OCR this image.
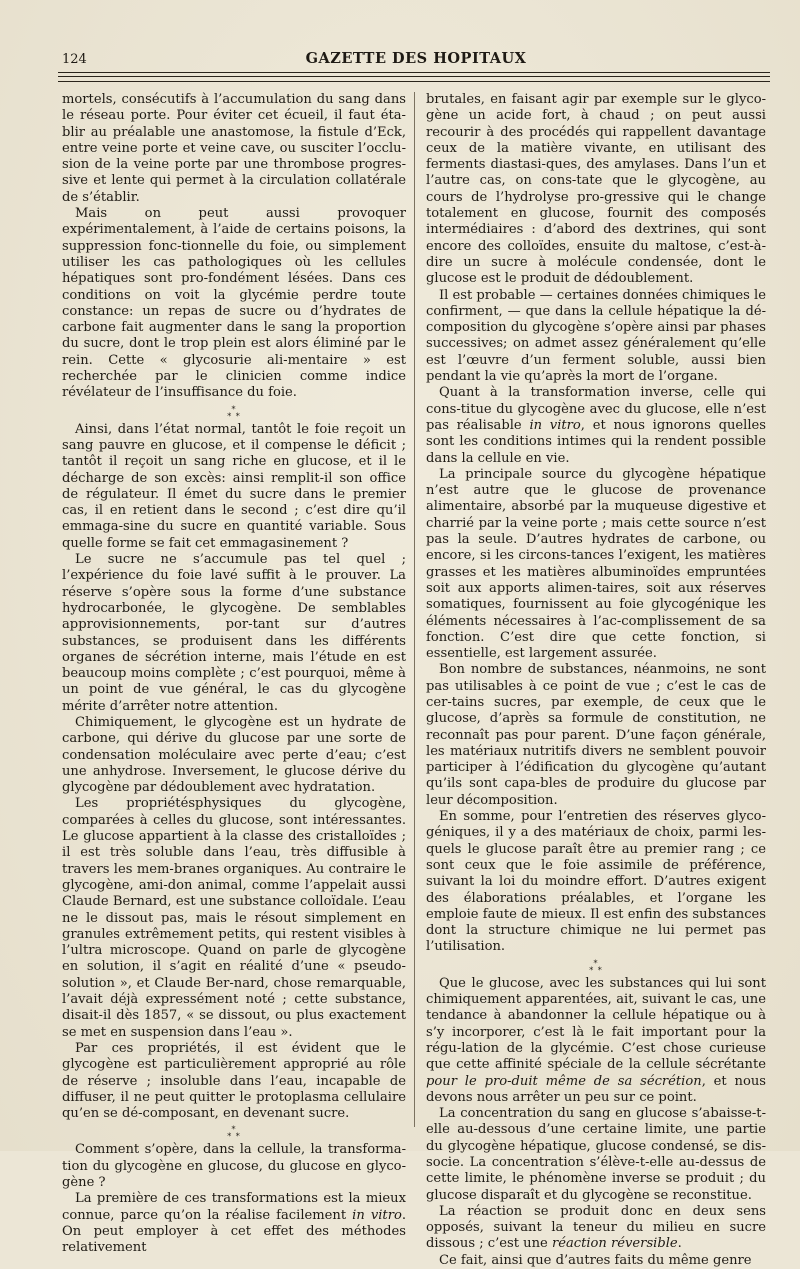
124	GAZETTE DES HOPITAUX

mortels, consécutifs à l’accumulation du sang dans le réseau porte. Pour éviter cet écueil, il faut éta-blir au préalable une anastomose, la fistule d’Eck, entre veine porte et veine cave, ou susciter l’occlu-sion de la veine porte par une thrombose progres-sive et lente qui permet à la circulation collatérale de s’établir.

Mais on peut aussi provoquer expérimentalement, à l’aide de certains poisons, la suppression fonc-tionnelle du foie, ou simplement utiliser les cas pathologiques où les cellules hépatiques sont pro-fondément lésées. Dans ces conditions on voit la glycémie perdre toute constance: un repas de sucre ou d’hydrates de carbone fait augmenter dans le sang la proportion du sucre, dont le trop plein est alors éliminé par le rein. Cette « glycosurie ali-mentaire » est recherchée par le clinicien comme indice révélateur de l’insuffisance du foie.

*
* *

Ainsi, dans l’état normal, tantôt le foie reçoit un sang pauvre en glucose, et il compense le déficit ; tantôt il reçoit un sang riche en glucose, et il le décharge de son excès: ainsi remplit-il son office de régulateur. Il émet du sucre dans le premier cas, il en retient dans le second ; c’est dire qu’il emmaga-sine du sucre en quantité variable. Sous quelle forme se fait cet emmagasinement ?

Le sucre ne s’accumule pas tel quel ; l’expérience du foie lavé suffit à le prouver. La réserve s’opère sous la forme d’une substance hydrocarbonée, le glycogène. De semblables approvisionnements, por-tant sur d’autres substances, se produisent dans les différents organes de sécrétion interne, mais l’étude en est beaucoup moins complète ; c’est pourquoi, même à un point de vue général, le cas du glycogène mérite d’arrêter notre attention.

Chimiquement, le glycogène est un hydrate de carbone, qui dérive du glucose par une sorte de condensation moléculaire avec perte d’eau; c’est une anhydrose. Inversement, le glucose dérive du glycogène par dédoublement avec hydratation.

Les propriétésphysiques du glycogène, comparées à celles du glucose, sont intéressantes. Le glucose appartient à la classe des cristalloïdes ; il est très soluble dans l’eau, très diffusible à travers les mem-branes organiques. Au contraire le glycogène, ami-don animal, comme l’appelait aussi Claude Bernard, est une substance colloïdale. L’eau ne le dissout pas, mais le résout simplement en granules extrêmement petits, qui restent visibles à l’ultra microscope. Quand on parle de glycogène en solution, il s’agit en réalité d’une « pseudo-solution », et Claude Ber-nard, chose remarquable, l’avait déjà expressément noté ; cette substance, disait-il dès 1857, « se dissout, ou plus exactement se met en suspension dans l’eau ».

Par ces propriétés, il est évident que le glycogène est particulièrement approprié au rôle de réserve ; insoluble dans l’eau, incapable de diffuser, il ne peut quitter le protoplasma cellulaire qu’en se dé-composant, en devenant sucre.

*
* *

Comment s’opère, dans la cellule, la transforma-tion du glycogène en glucose, du glucose en glyco-gène ?

La première de ces transformations est la mieux connue, parce qu’on la réalise facilement in vitro. On peut employer à cet effet des méthodes relativement

brutales, en faisant agir par exemple sur le glyco-gène un acide fort, à chaud ; on peut aussi recourir à des procédés qui rappellent davantage ceux de la matière vivante, en utilisant des ferments diastasi-ques, des amylases. Dans l’un et l’autre cas, on cons-tate que le glycogène, au cours de l’hydrolyse pro-gressive qui le change totalement en glucose, fournit des composés intermédiaires : d’abord des dextrines, qui sont encore des colloïdes, ensuite du maltose, c’est-à-dire un sucre à molécule condensée, dont le glucose est le produit de dédoublement.

Il est probable — certaines données chimiques le confirment, — que dans la cellule hépatique la dé-composition du glycogène s’opère ainsi par phases successives; on admet assez généralement qu’elle est l’œuvre d’un ferment soluble, aussi bien pendant la vie qu’après la mort de l’organe.

Quant à la transformation inverse, celle qui cons-titue du glycogène avec du glucose, elle n’est pas réalisable in vitro, et nous ignorons quelles sont les conditions intimes qui la rendent possible dans la cellule en vie.

La principale source du glycogène hépatique n’est autre que le glucose de provenance alimentaire, absorbé par la muqueuse digestive et charrié par la veine porte ; mais cette source n’est pas la seule. D’autres hydrates de carbone, ou encore, si les circons-tances l’exigent, les matières grasses et les matières albuminoïdes empruntées soit aux apports alimen-taires, soit aux réserves somatiques, fournissent au foie glycogénique les éléments nécessaires à l’ac-complissement de sa fonction. C’est dire que cette fonction, si essentielle, est largement assurée.

Bon nombre de substances, néanmoins, ne sont pas utilisables à ce point de vue ; c’est le cas de cer-tains sucres, par exemple, de ceux que le glucose, d’après sa formule de constitution, ne reconnaît pas pour parent. D’une façon générale, les matériaux nutritifs divers ne semblent pouvoir participer à l’édification du glycogène qu’autant qu’ils sont capa-bles de produire du glucose par leur décomposition.

En somme, pour l’entretien des réserves glyco-géniques, il y a des matériaux de choix, parmi les-quels le glucose paraît être au premier rang ; ce sont ceux que le foie assimile de préférence, suivant la loi du moindre effort. D’autres exigent des élaborations préalables, et l’organe les emploie faute de mieux. Il est enfin des substances dont la structure chimique ne lui permet pas l’utilisation.

*
* *

Que le glucose, avec les substances qui lui sont chimiquement apparentées, ait, suivant le cas, une tendance à abandonner la cellule hépatique ou à s’y incorporer, c’est là le fait important pour la régu-lation de la glycémie. C’est chose curieuse que cette affinité spéciale de la cellule sécrétante pour le pro-duit même de sa sécrétion, et nous devons nous arrêter un peu sur ce point.

La concentration du sang en glucose s’abaisse-t-elle au-dessous d’une certaine limite, une partie du glycogène hépatique, glucose condensé, se dis-socie. La concentration s’élève-t-elle au-dessus de cette limite, le phénomène inverse se produit ; du glucose disparaît et du glycogène se reconstitue.

La réaction se produit donc en deux sens opposés, suivant la teneur du milieu en sucre dissous ; c’est une réaction réversible.

Ce fait, ainsi que d’autres faits du même genre
